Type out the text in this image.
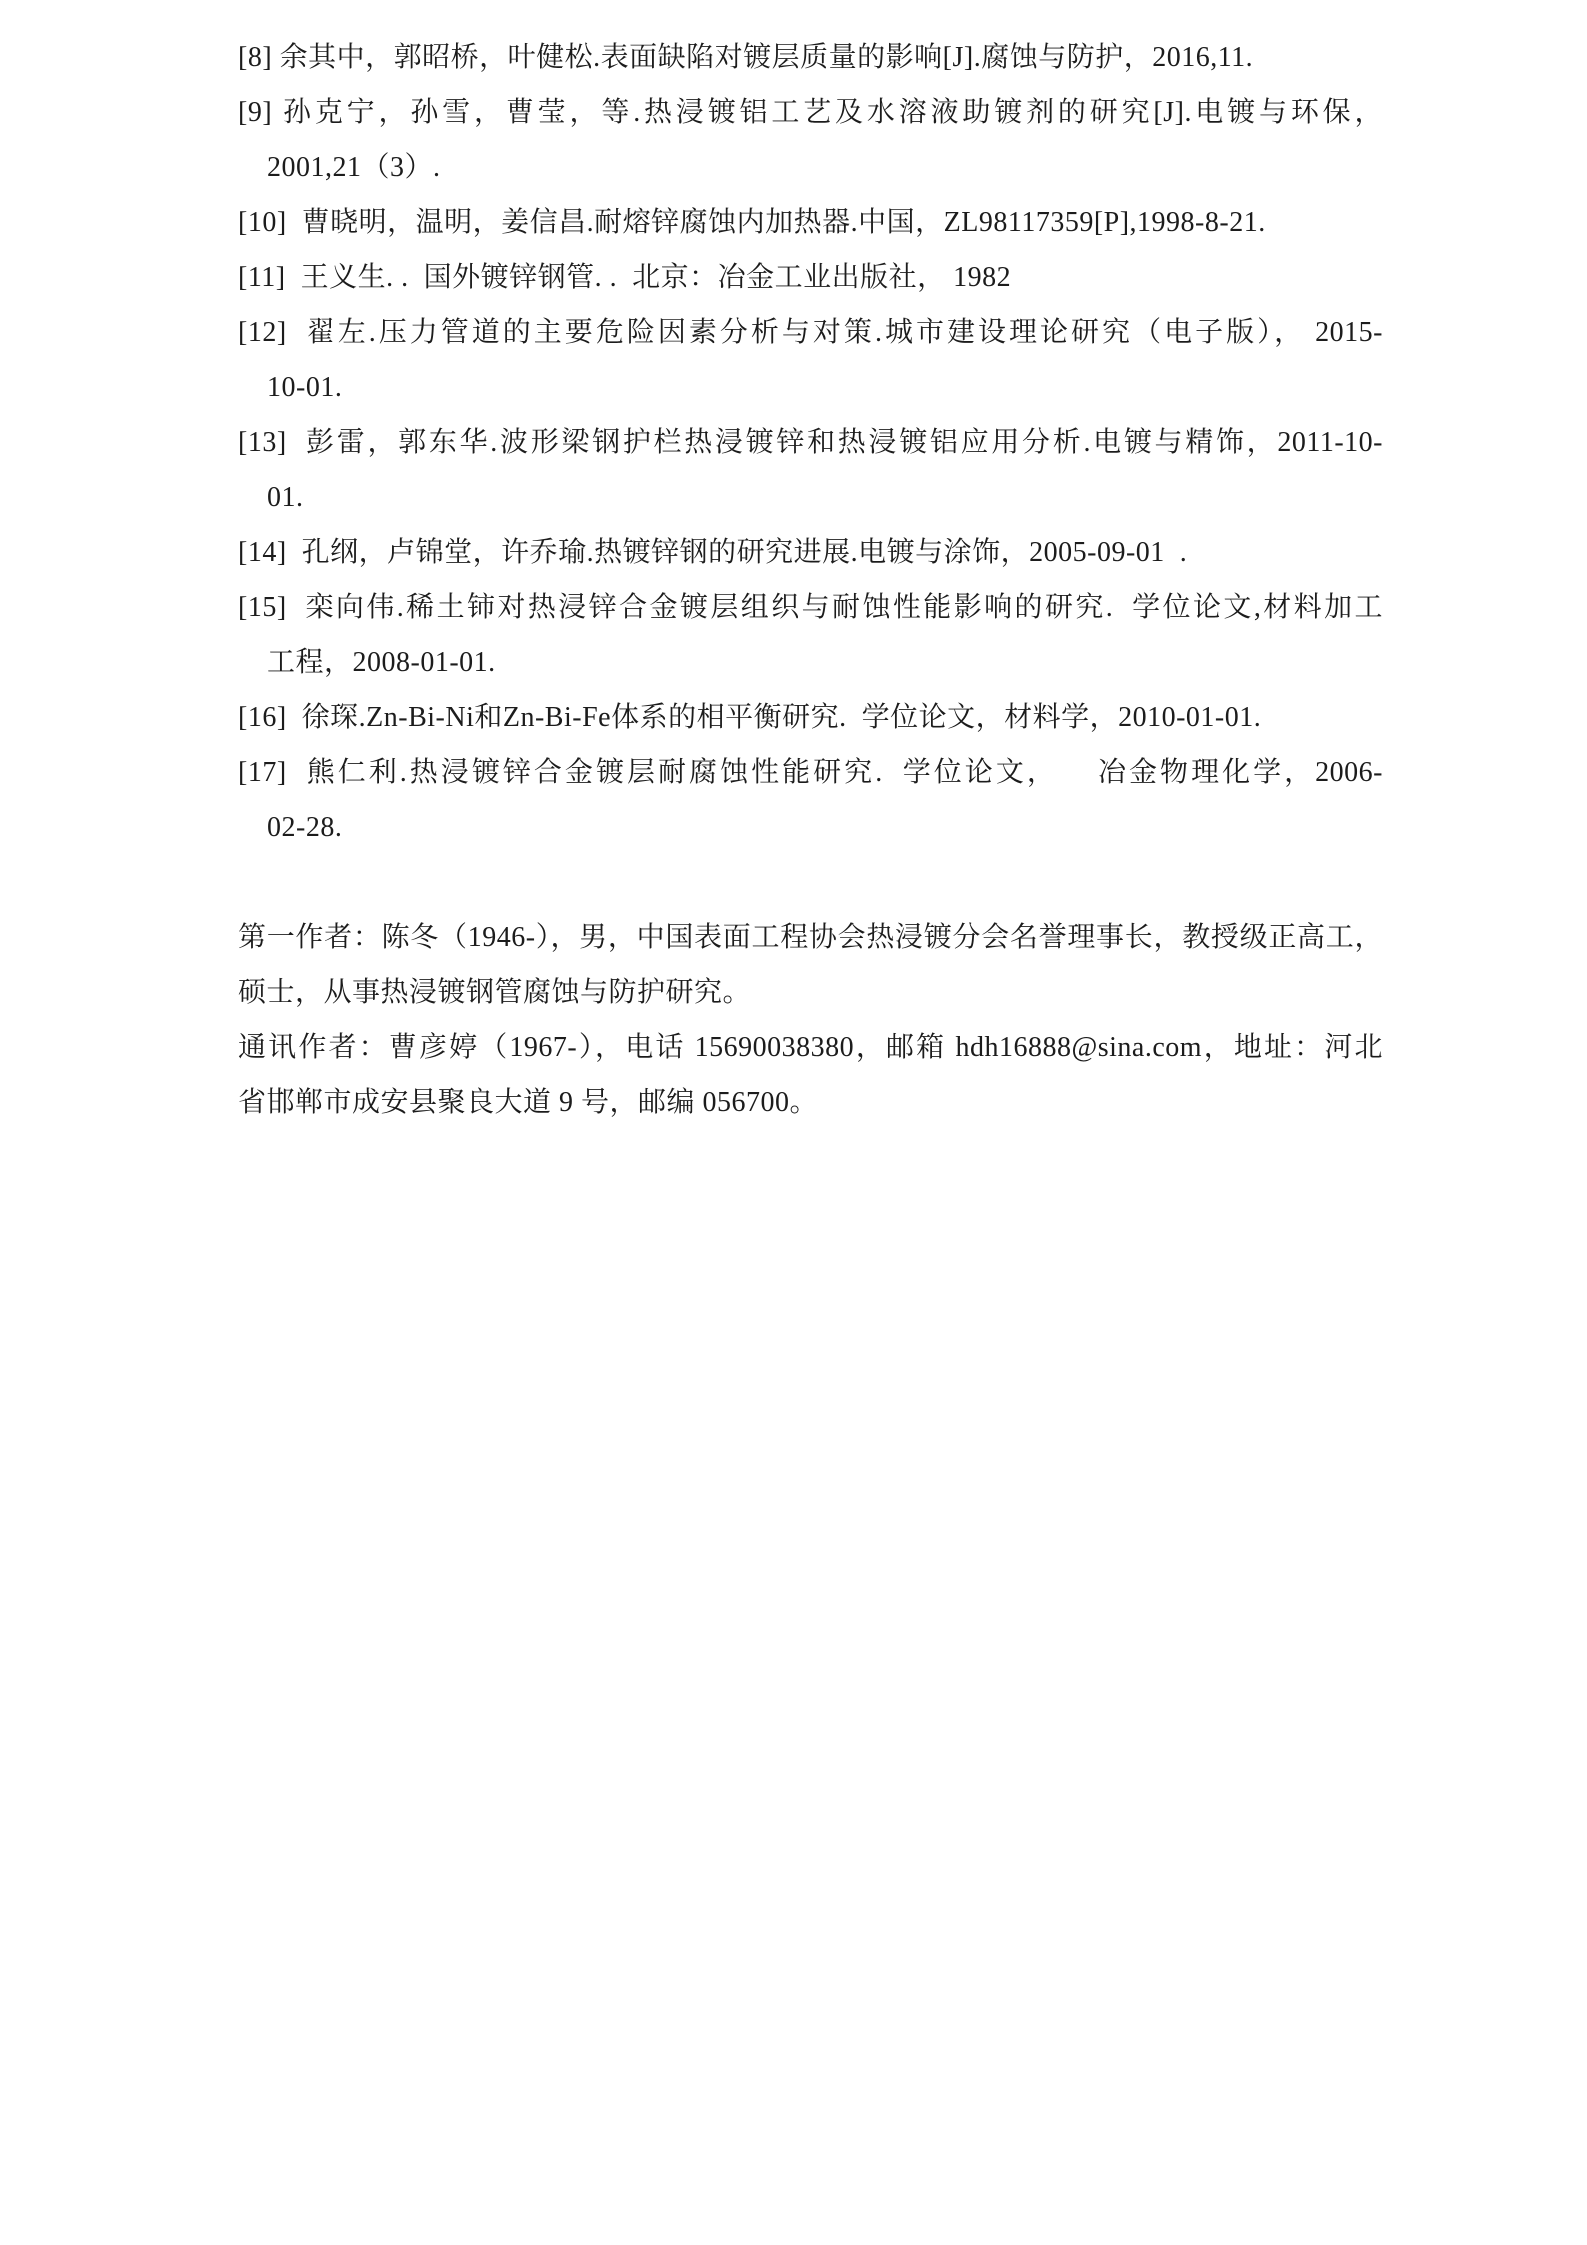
[8] 余其中，郭昭桥，叶健松.表面缺陷对镀层质量的影响[J].腐蚀与防护，2016,11.
[9] 孙克宁，孙雪，曹莹，等.热浸镀铝工艺及水溶液助镀剂的研究[J].电镀与环保，
2001,21（3）.
[10]  曹晓明，温明，姜信昌.耐熔锌腐蚀内加热器.中国，ZL98117359[P],1998-8-21.
[11]  王义生. .  国外镀锌钢管. .  北京：冶金工业出版社， 1982
[12]  翟左.压力管道的主要危险因素分析与对策.城市建设理论研究（电子版）， 2015-
10-01.
[13]  彭雷，郭东华.波形梁钢护栏热浸镀锌和热浸镀铝应用分析.电镀与精饰，2011-10-
01.
[14]  孔纲，卢锦堂，许乔瑜.热镀锌钢的研究进展.电镀与涂饰，2005-09-01  .
[15]  栾向伟.稀土铈对热浸锌合金镀层组织与耐蚀性能影响的研究.  学位论文,材料加工
工程，2008-01-01.
[16]  徐琛.Zn-Bi-Ni和Zn-Bi-Fe体系的相平衡研究.  学位论文，材料学，2010-01-01.
[17]  熊仁利.热浸镀锌合金镀层耐腐蚀性能研究.  学位论文，    冶金物理化学，2006-
02-28.
第一作者：陈冬（1946-），男，中国表面工程协会热浸镀分会名誉理事长，教授级正高工，
硕士，从事热浸镀钢管腐蚀与防护研究。
通讯作者：曹彦婷（1967-），电话 15690038380，邮箱 hdh16888@sina.com，地址：河北
省邯郸市成安县聚良大道 9 号，邮编 056700。
